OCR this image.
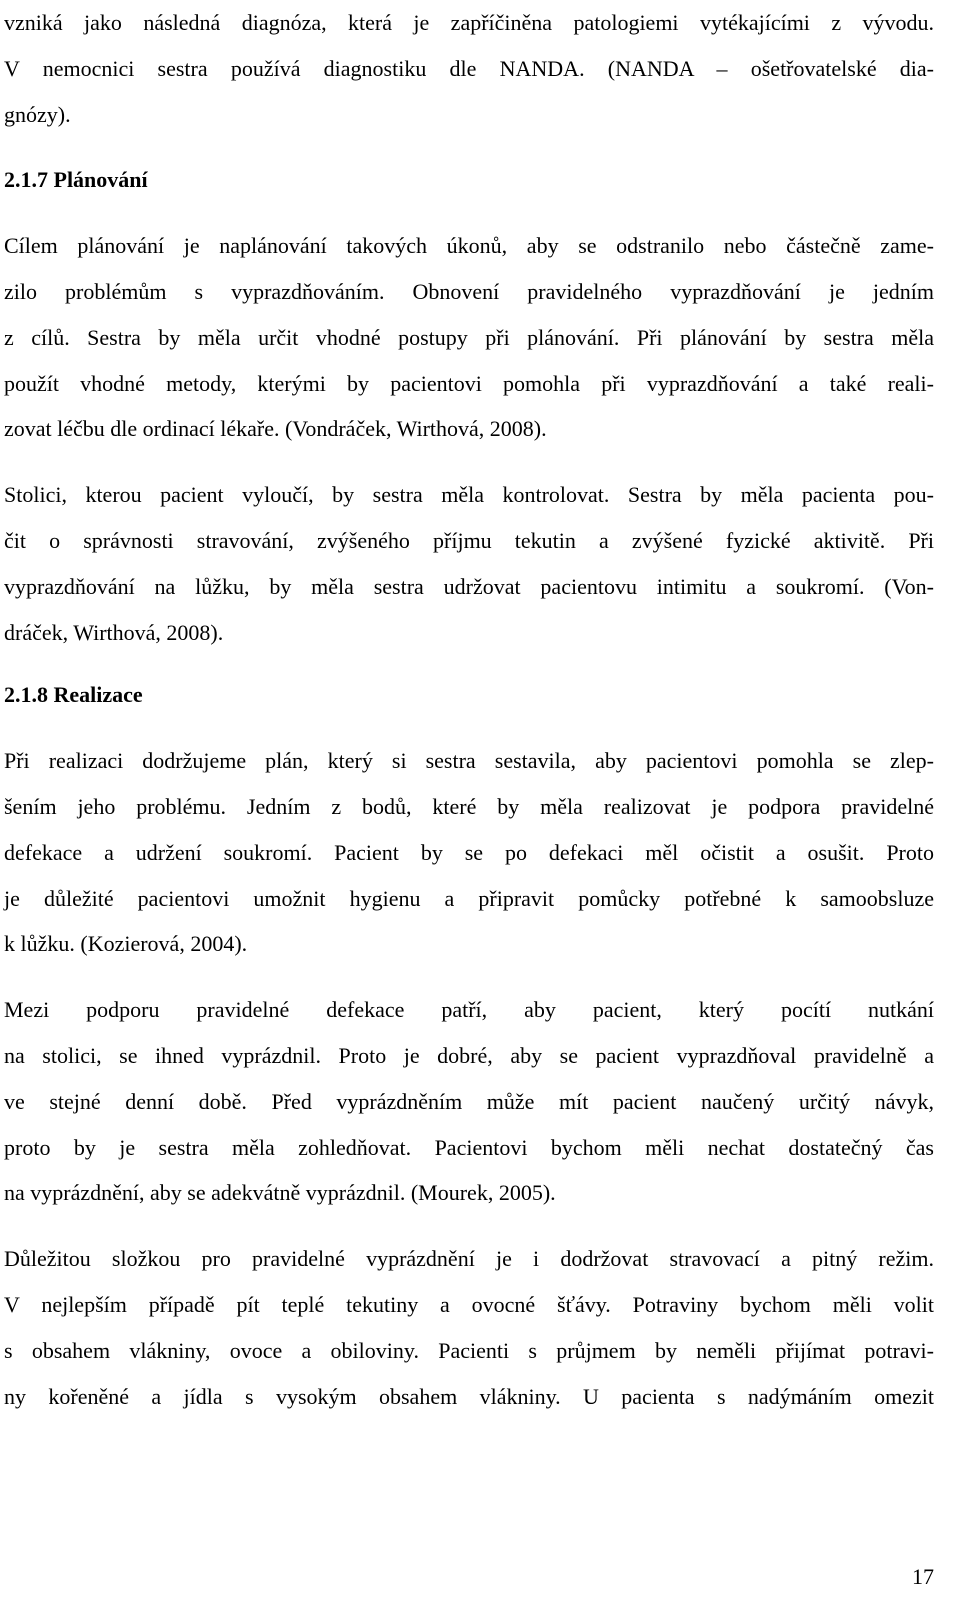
vzniká jako následná diagnóza, která je zapříčiněna patologiemi vytékajícími z vývodu.
V nemocnici sestra používá diagnostiku dle NANDA. (NANDA – ošetřovatelské dia-
gnózy).
2.1.7 Plánování
Cílem plánování je naplánování takových úkonů, aby se odstranilo nebo částečně zame-
zilo problémům s vyprazdňováním. Obnovení pravidelného vyprazdňování je jedním
z cílů. Sestra by měla určit vhodné postupy při plánování. Při plánování by sestra měla
použít vhodné metody, kterými by pacientovi pomohla při vyprazdňování a také reali-
zovat léčbu dle ordinací lékaře. (Vondráček, Wirthová, 2008).
Stolici, kterou pacient vyloučí, by sestra měla kontrolovat. Sestra by měla pacienta pou-
čit o správnosti stravování, zvýšeného příjmu tekutin a zvýšené fyzické aktivitě. Při
vyprazdňování na lůžku, by měla sestra udržovat pacientovu intimitu a soukromí. (Von-
dráček, Wirthová, 2008).
2.1.8 Realizace
Při realizaci dodržujeme plán, který si sestra sestavila, aby pacientovi pomohla se zlep-
šením jeho problému. Jedním z bodů, které by měla realizovat je podpora pravidelné
defekace a udržení soukromí. Pacient by se po defekaci měl očistit a osušit. Proto
je důležité pacientovi umožnit hygienu a připravit pomůcky potřebné k samoobsluze
k lůžku. (Kozierová, 2004).
Mezi podporu pravidelné defekace patří, aby pacient, který pocítí nutkání
na stolici, se ihned vyprázdnil. Proto je dobré, aby se pacient vyprazdňoval pravidelně a
ve stejné denní době. Před vyprázdněním může mít pacient naučený určitý návyk,
proto by je sestra měla zohledňovat. Pacientovi bychom měli nechat dostatečný čas
na vyprázdnění, aby se adekvátně vyprázdnil. (Mourek, 2005).
Důležitou složkou pro pravidelné vyprázdnění je i dodržovat stravovací a pitný režim.
V nejlepším případě pít teplé tekutiny a ovocné šťávy. Potraviny bychom měli volit
s obsahem vlákniny, ovoce a obiloviny. Pacienti s průjmem by neměli přijímat potravi-
ny kořeněné a jídla s vysokým obsahem vlákniny. U pacienta s nadýmáním omezit
17
